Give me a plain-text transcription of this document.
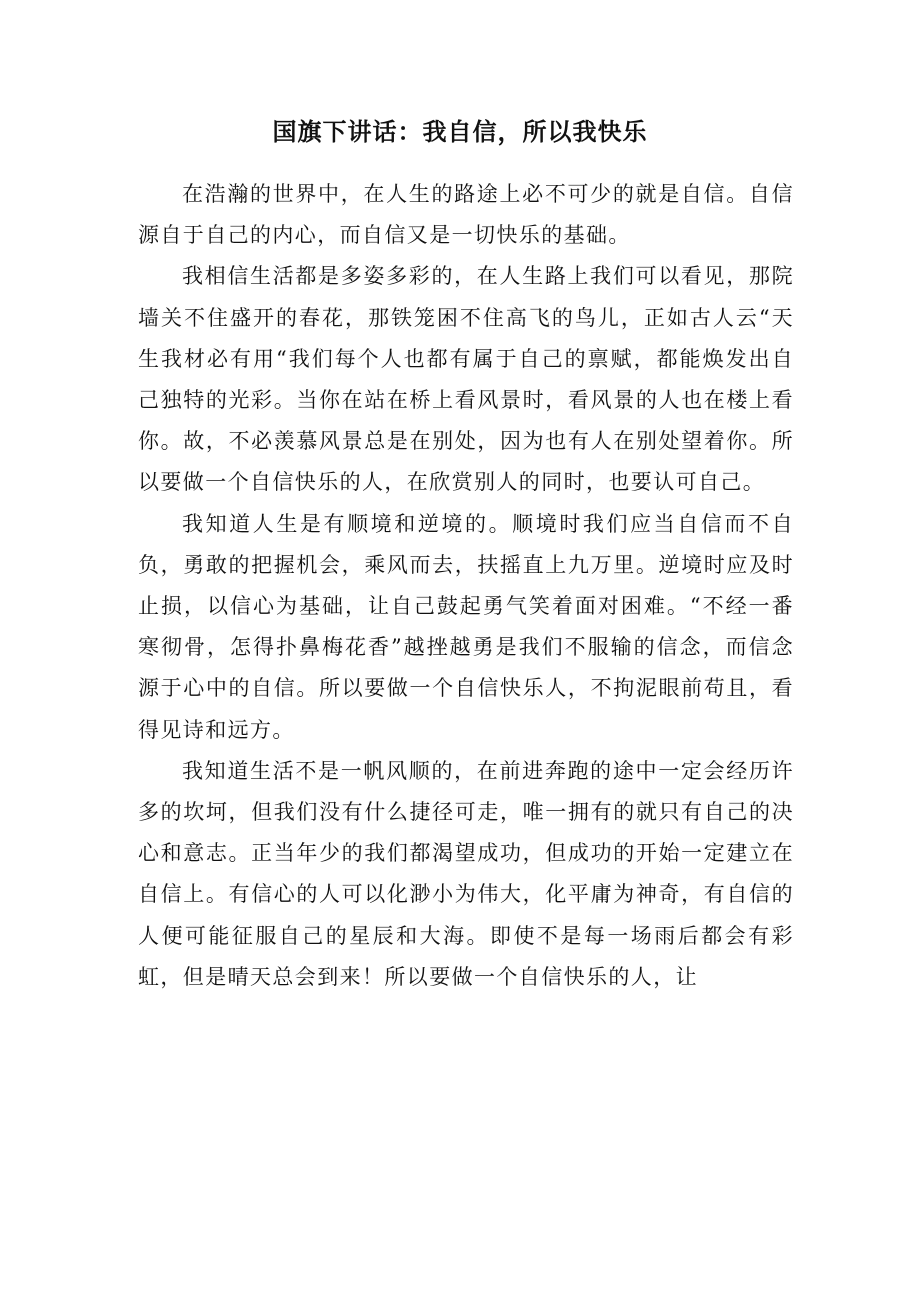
国旗下讲话：我自信，所以我快乐

在浩瀚的世界中，在人生的路途上必不可少的就是自信。自信源自于自己的内心，而自信又是一切快乐的基础。

我相信生活都是多姿多彩的，在人生路上我们可以看见，那院墙关不住盛开的春花，那铁笼困不住高飞的鸟儿，正如古人云“天生我材必有用“我们每个人也都有属于自己的禀赋，都能焕发出自己独特的光彩。当你在站在桥上看风景时，看风景的人也在楼上看你。故，不必羡慕风景总是在别处，因为也有人在别处望着你。所以要做一个自信快乐的人，在欣赏别人的同时，也要认可自己。

我知道人生是有顺境和逆境的。顺境时我们应当自信而不自负，勇敢的把握机会，乘风而去，扶摇直上九万里。逆境时应及时止损，以信心为基础，让自己鼓起勇气笑着面对困难。“不经一番寒彻骨，怎得扑鼻梅花香”越挫越勇是我们不服输的信念，而信念源于心中的自信。所以要做一个自信快乐人，不拘泥眼前苟且，看得见诗和远方。

我知道生活不是一帆风顺的，在前进奔跑的途中一定会经历许多的坎坷，但我们没有什么捷径可走，唯一拥有的就只有自己的决心和意志。正当年少的我们都渴望成功，但成功的开始一定建立在自信上。有信心的人可以化渺小为伟大，化平庸为神奇，有自信的人便可能征服自己的星辰和大海。即使不是每一场雨后都会有彩虹，但是晴天总会到来！所以要做一个自信快乐的人，让
